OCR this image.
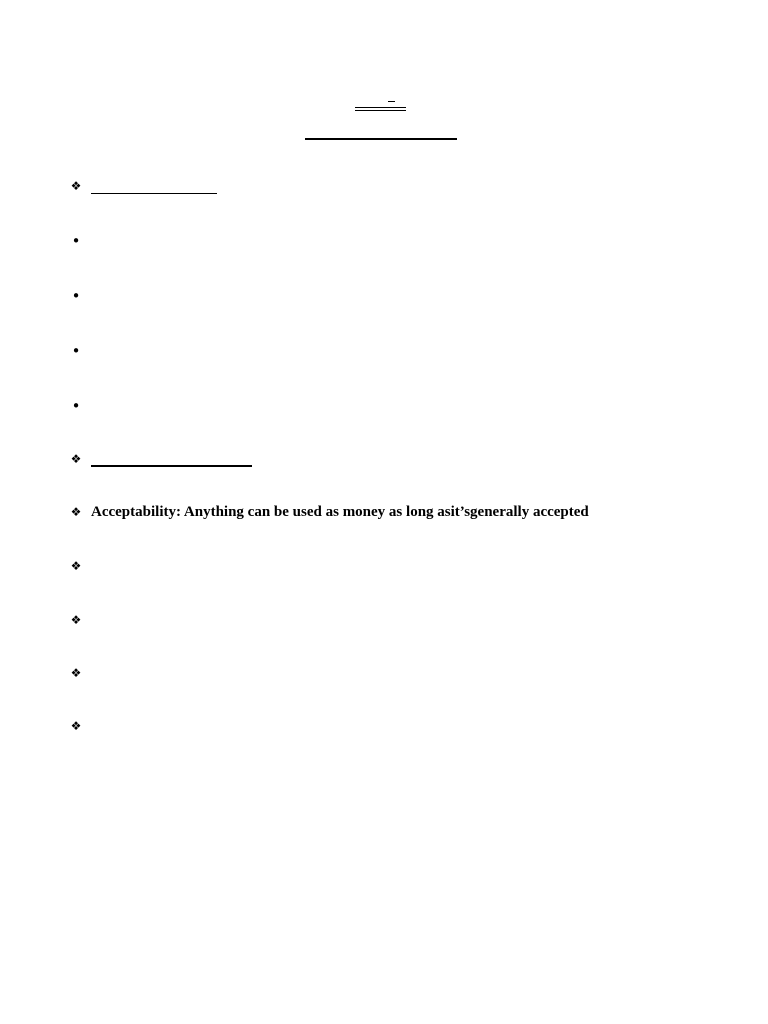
❖
•
•
•
•
❖
❖ Acceptability: Anything can be used as money as long asit’sgenerally accepted
❖
❖
❖
❖
